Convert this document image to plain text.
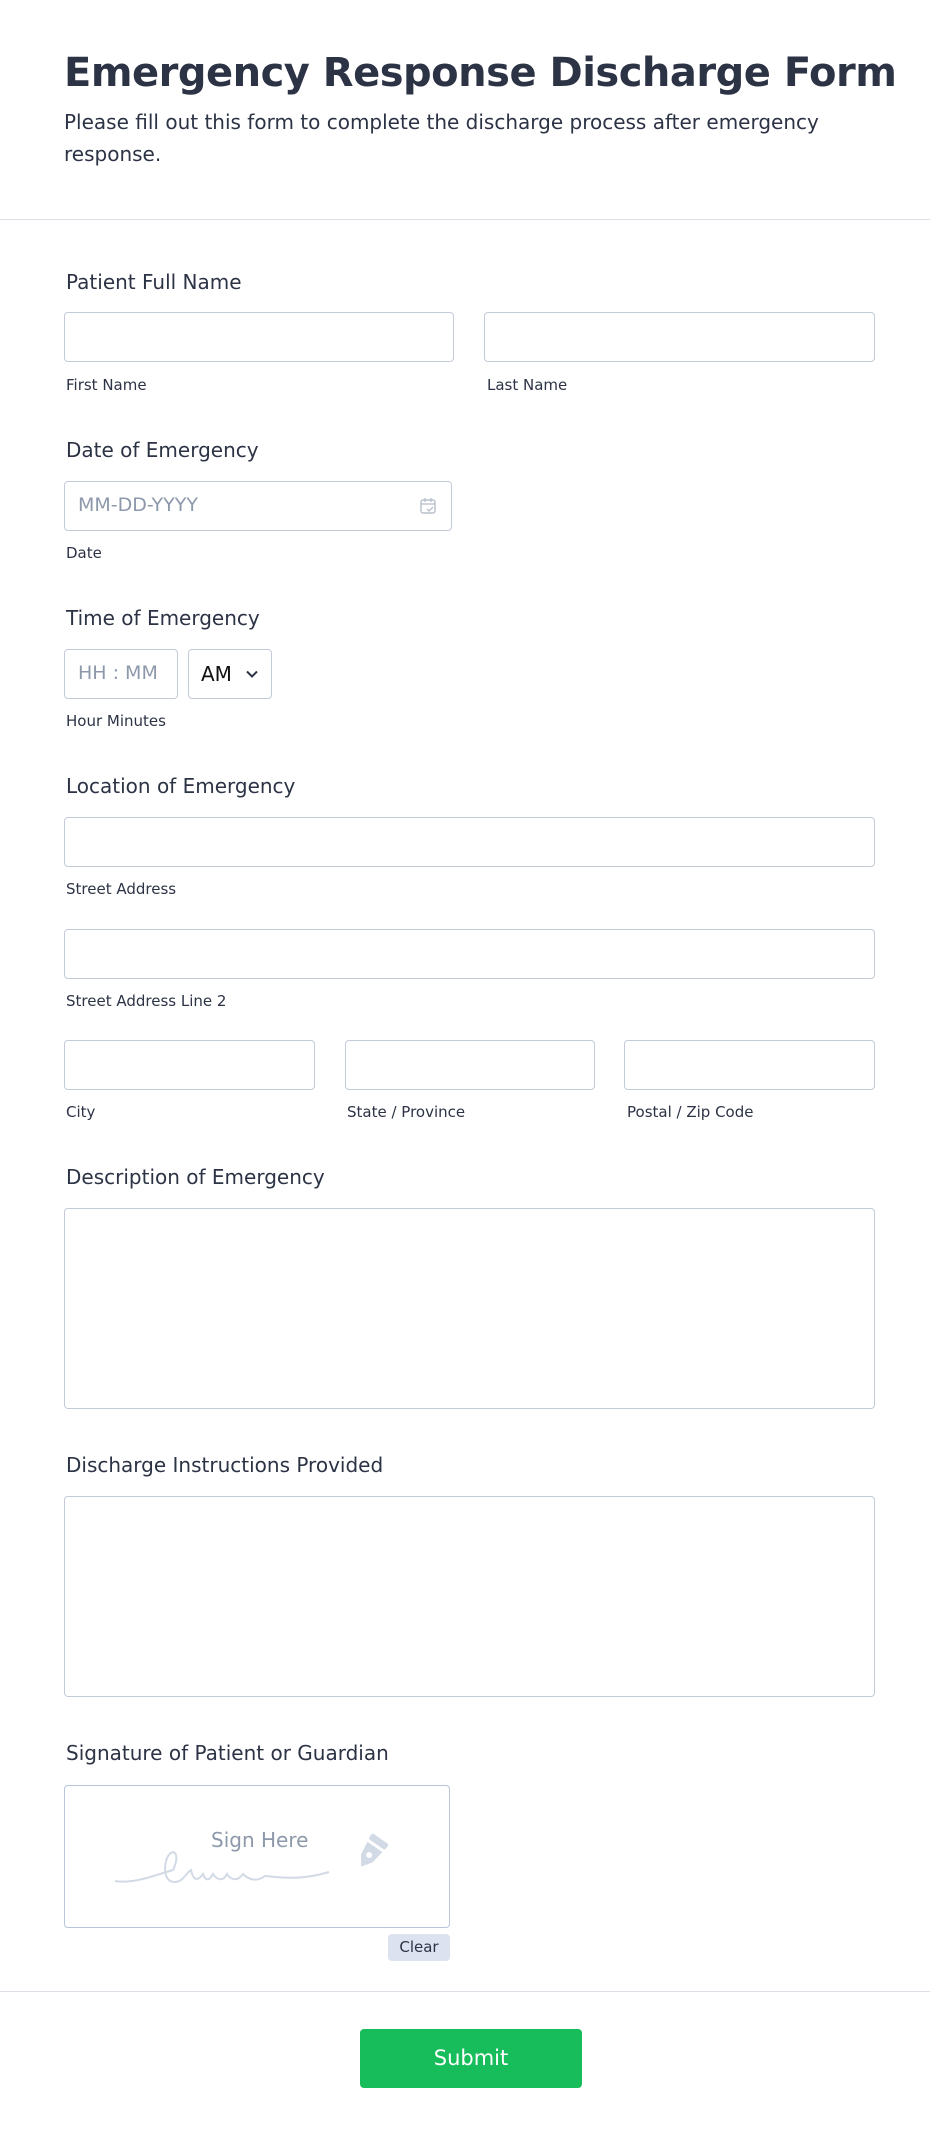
Emergency Response Discharge Form
Please fill out this form to complete the discharge process after emergency response.
Patient Full Name
First Name	Last Name
Date of Emergency
MM-DD-YYYY
Date
Time of Emergency
HH : MM AM
Hour Minutes
Location of Emergency
Street Address
Street Address Line 2
City	State / Province	Postal / Zip Code
Description of Emergency
Discharge Instructions Provided
Signature of Patient or Guardian
Sign Here
Clear
Submit
